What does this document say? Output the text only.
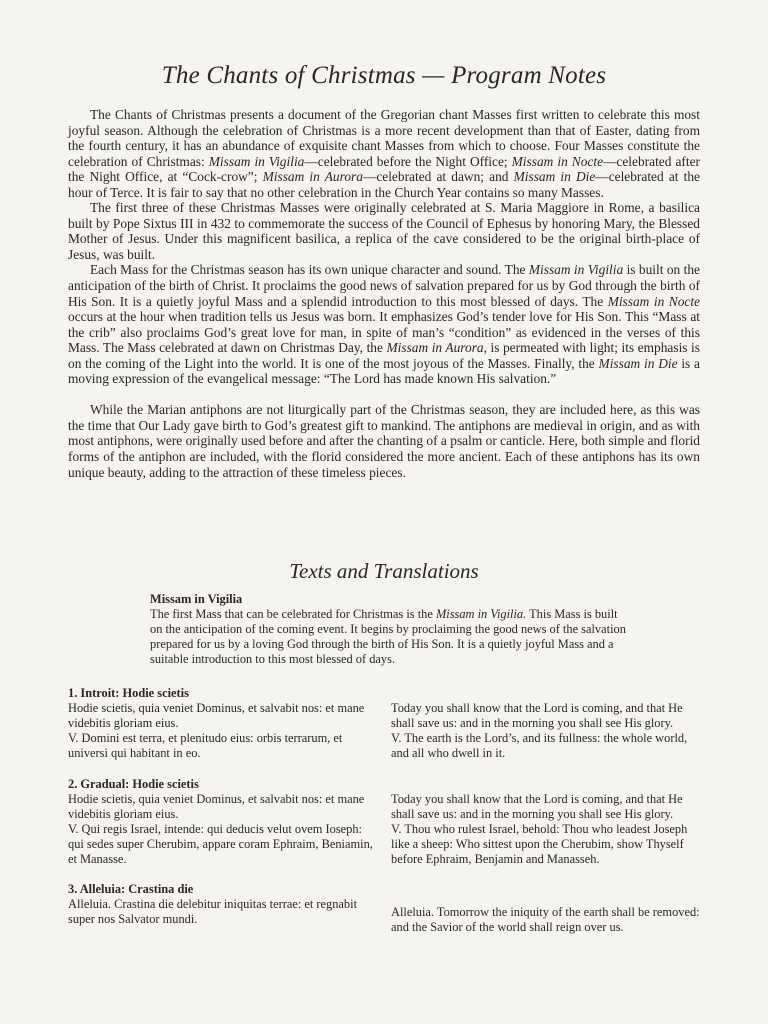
The Chants of Christmas — Program Notes

The Chants of Christmas presents a document of the Gregorian chant Masses first written to celebrate this most joyful season. Although the celebration of Christmas is a more recent development than that of Easter, dating from the fourth century, it has an abundance of exquisite chant Masses from which to choose. Four Masses constitute the celebration of Christmas: Missam in Vigilia—celebrated before the Night Office; Missam in Nocte—celebrated after the Night Office, at “Cock-crow”; Missam in Aurora—celebrated at dawn; and Missam in Die—celebrated at the hour of Terce. It is fair to say that no other celebration in the Church Year contains so many Masses.

The first three of these Christmas Masses were originally celebrated at S. Maria Maggiore in Rome, a basilica built by Pope Sixtus III in 432 to commemorate the success of the Council of Ephesus by honoring Mary, the Blessed Mother of Jesus. Under this magnificent basilica, a replica of the cave considered to be the original birth-place of Jesus, was built.

Each Mass for the Christmas season has its own unique character and sound. The Missam in Vigilia is built on the anticipation of the birth of Christ. It proclaims the good news of salvation prepared for us by God through the birth of His Son. It is a quietly joyful Mass and a splendid introduction to this most blessed of days. The Missam in Nocte occurs at the hour when tradition tells us Jesus was born. It emphasizes God’s tender love for His Son. This “Mass at the crib” also proclaims God’s great love for man, in spite of man’s “condition” as evidenced in the verses of this Mass. The Mass celebrated at dawn on Christmas Day, the Missam in Aurora, is permeated with light; its emphasis is on the coming of the Light into the world. It is one of the most joyous of the Masses. Finally, the Missam in Die is a moving expression of the evangelical message: “The Lord has made known His salvation.”

While the Marian antiphons are not liturgically part of the Christmas season, they are included here, as this was the time that Our Lady gave birth to God’s greatest gift to mankind. The antiphons are medieval in origin, and as with most antiphons, were originally used before and after the chanting of a psalm or canticle. Here, both simple and florid forms of the antiphon are included, with the florid considered the more ancient. Each of these antiphons has its own unique beauty, adding to the attraction of these timeless pieces.

Texts and Translations
Missam in Vigilia

The first Mass that can be celebrated for Christmas is the Missam in Vigilia. This Mass is built on the anticipation of the coming event. It begins by proclaiming the good news of the salvation prepared for us by a loving God through the birth of His Son. It is a quietly joyful Mass and a suitable introduction to this most blessed of days.

1. Introit: Hodie scietis

Hodie scietis, quia veniet Dominus, et salvabit nos: et mane videbitis gloriam eius.

V. Domini est terra, et plenitudo eius: orbis terrarum, et universi qui habitant in eo.

Today you shall know that the Lord is coming, and that He shall save us: and in the morning you shall see His glory.

V. The earth is the Lord’s, and its fullness: the whole world, and all who dwell in it.

2. Gradual: Hodie scietis

Hodie scietis, quia veniet Dominus, et salvabit nos: et mane videbitis gloriam eius.

V. Qui regis Israel, intende: qui deducis velut ovem Ioseph: qui sedes super Cherubim, appare coram Ephraim, Beniamin, et Manasse.

Today you shall know that the Lord is coming, and that He shall save us: and in the morning you shall see His glory.

V. Thou who rulest Israel, behold: Thou who leadest Joseph like a sheep: Who sittest upon the Cherubim, show Thyself before Ephraim, Benjamin and Manasseh.

3. Alleluia: Crastina die

Alleluia. Crastina die delebitur iniquitas terrae: et regnabit super nos Salvator mundi.	Alleluia. Tomorrow the iniquity of the earth shall be removed: and the Savior of the world shall reign over us.
